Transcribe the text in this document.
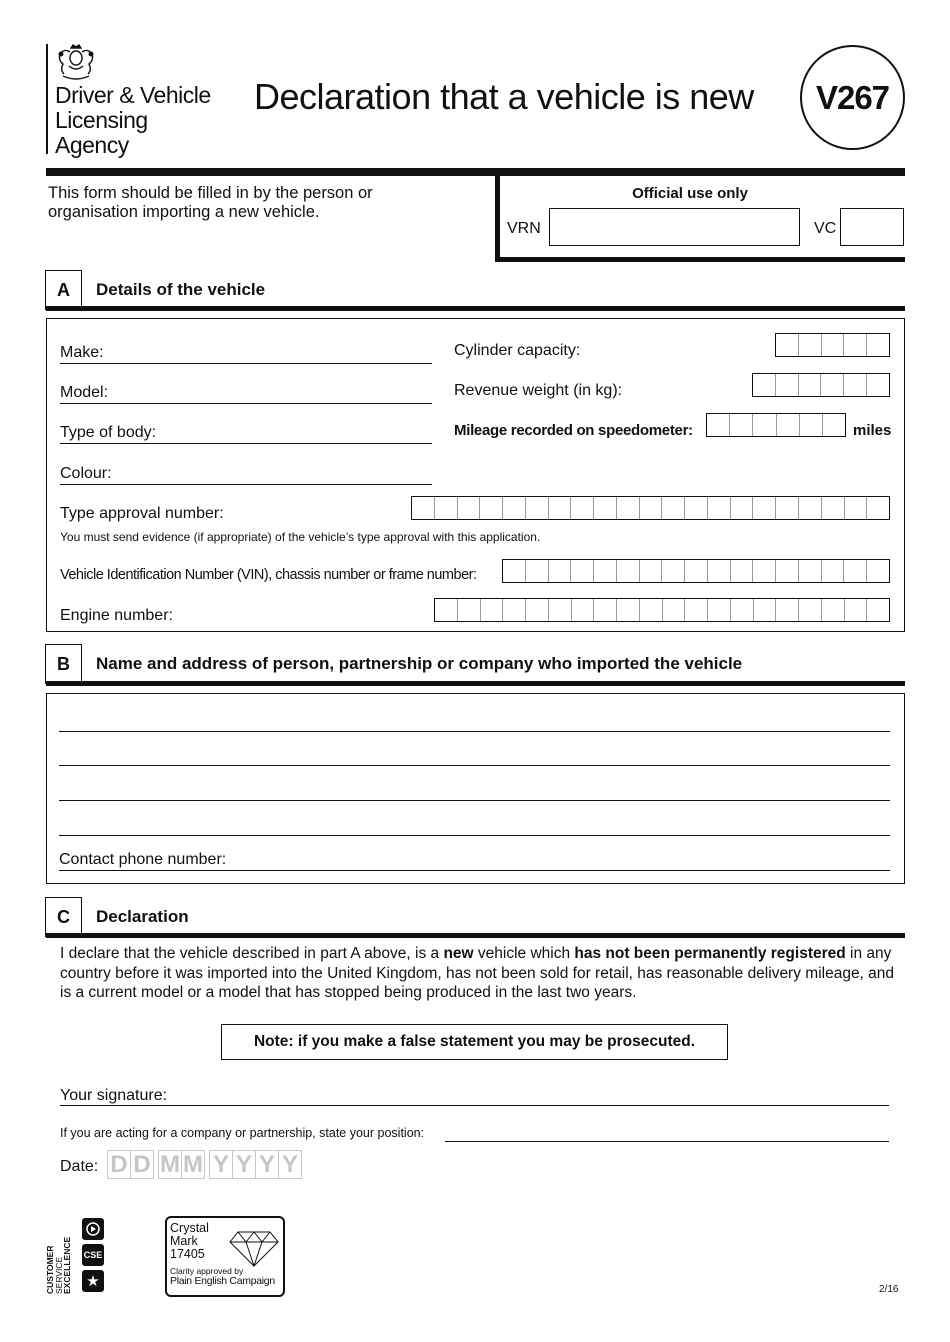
Driver & Vehicle
Licensing
Agency
Declaration that a vehicle is new	V267
This form should be filled in by the person or
organisation importing a new vehicle.
Official use only
VRN	VC
A	Details of the vehicle
Make:
Model:
Type of body:
Colour:
Cylinder capacity:
Revenue weight (in kg):
Mileage recorded on speedometer:	miles
Type approval number:
You must send evidence (if appropriate) of the vehicle’s type approval with this application.
Vehicle Identification Number (VIN), chassis number or frame number:
Engine number:
B	Name and address of person, partnership or company who imported the vehicle
Contact phone number:
C	Declaration
I declare that the vehicle described in part A above, is a new vehicle which has not been permanently registered in any country before it was imported into the United Kingdom, has not been sold for retail, has reasonable delivery mileage, and is a current model or a model that has stopped being produced in the last two years.
Note: if you make a false statement you may be prosecuted.
Your signature:
If you are acting for a company or partnership, state your position:
Date: D D M M Y Y Y Y
CUSTOMER
SERVICE
EXCELLENCE CSE
★
Crystal
Mark
17405
Clarity approved by
Plain English Campaign
2/16
